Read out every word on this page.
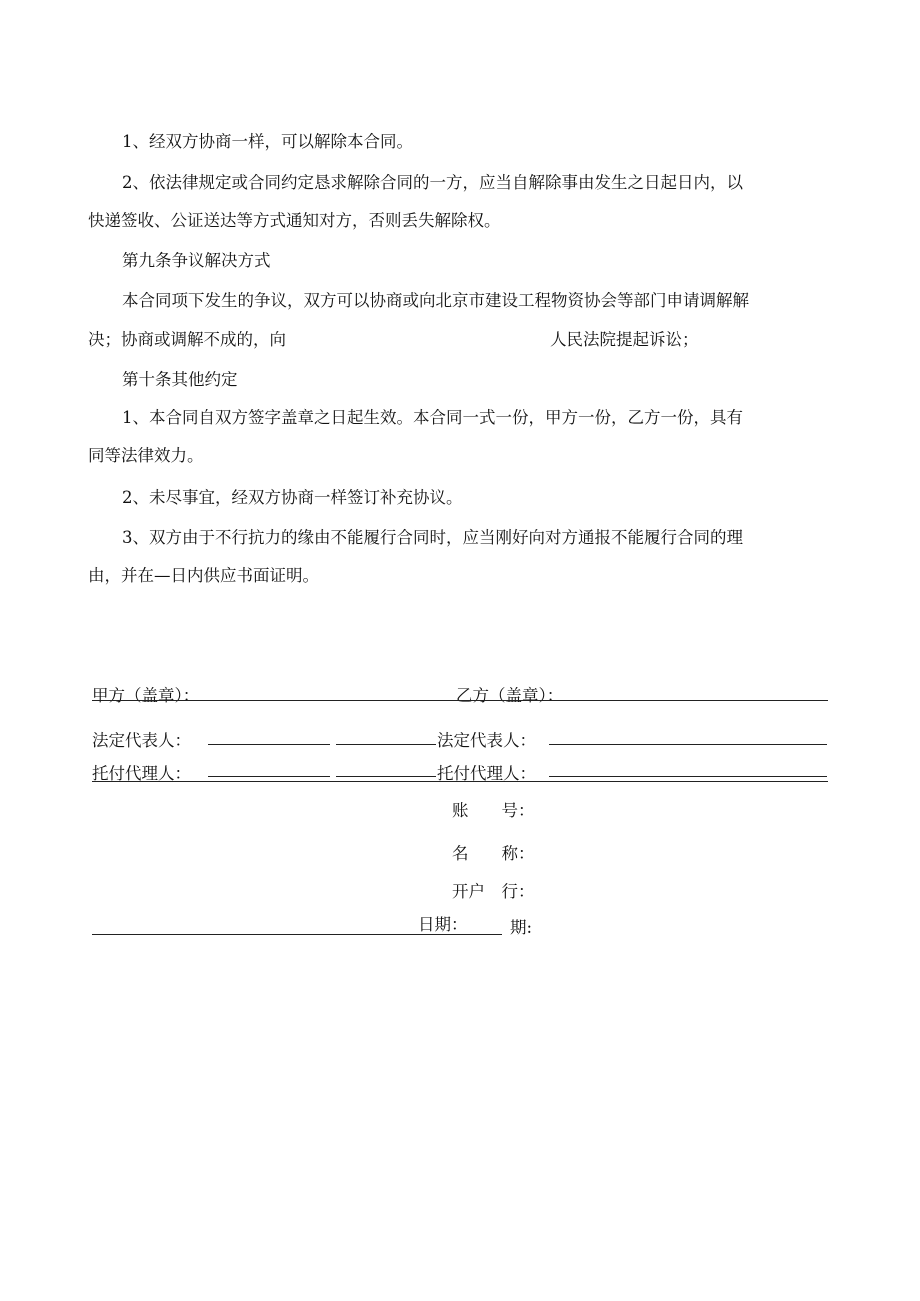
1、经双方协商一样，可以解除本合同。
2、依法律规定或合同约定恳求解除合同的一方，应当自解除事由发生之日起日内，以
快递签收、公证送达等方式通知对方，否则丢失解除权。
第九条争议解决方式
本合同项下发生的争议，双方可以协商或向北京市建设工程物资协会等部门申请调解解
决；协商或调解不成的，向	人民法院提起诉讼；
第十条其他约定
1、本合同自双方签字盖章之日起生效。本合同一式一份，甲方一份，乙方一份，具有
同等法律效力。
2、未尽事宜，经双方协商一样签订补充协议。
3、双方由于不行抗力的缘由不能履行合同时，应当刚好向对方通报不能履行合同的理
由，并在—日内供应书面证明。
甲方（盖章）：	乙方（盖章）：
法定代表人：	法定代表人：
托付代理人：	托付代理人：
账　　号：
名　　称：
开户　行：
日期：	期:
